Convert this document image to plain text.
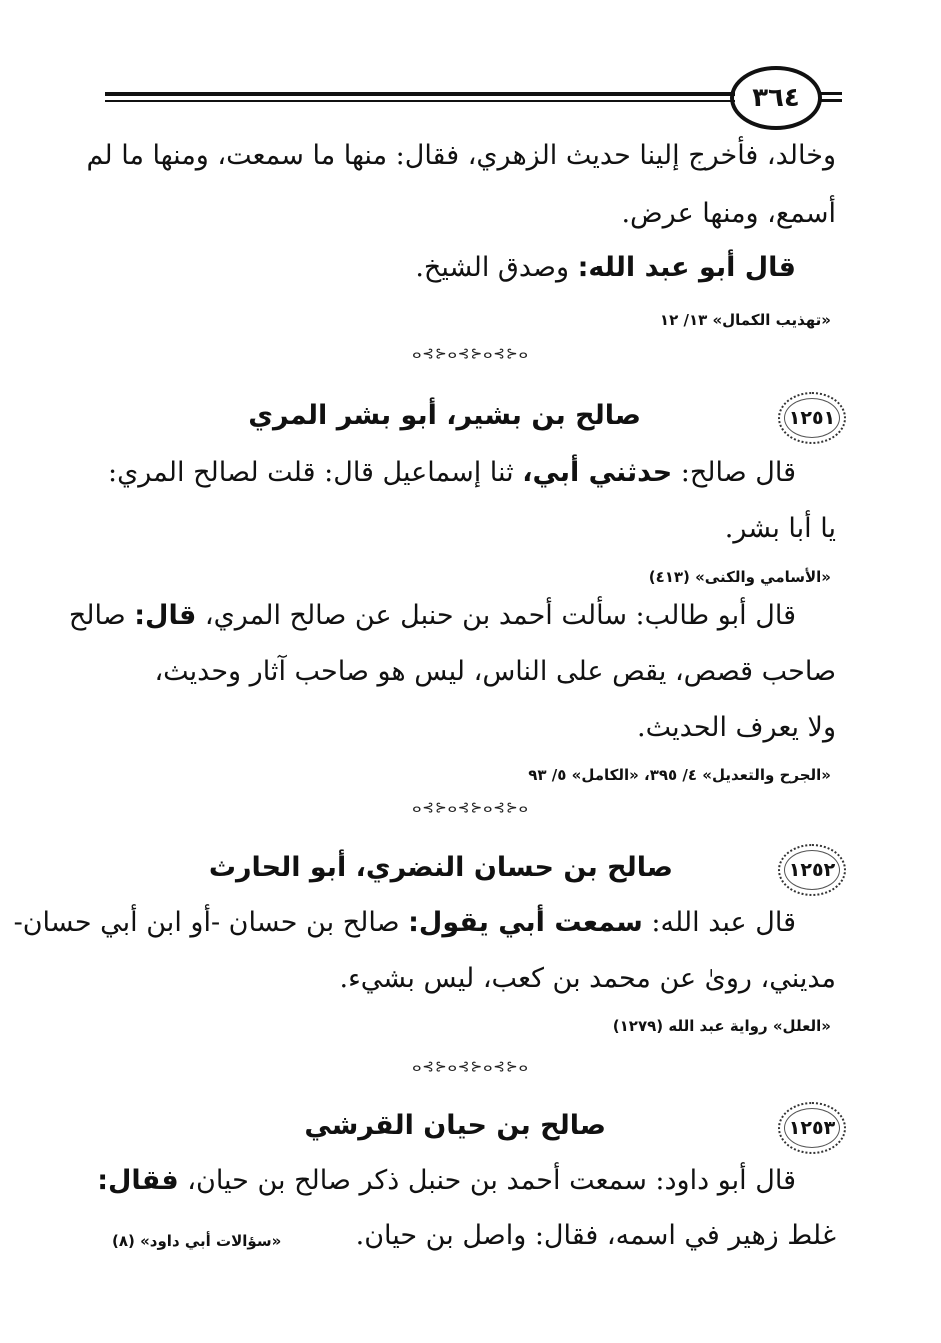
٣٦٤
وخالد، فأخرج إلينا حديث الزهري، فقال: منها ما سمعت، ومنها ما لم
أسمع، ومنها عرض.
قال أبو عبد الله: وصدق الشيخ.
«تهذيب الكمال» ١٣/ ١٢
ⴰ⊰⊱ⴰ⊰⊱ⴰ⊰⊱ⴰ
١٢٥١
صالح بن بشير، أبو بشر المري
قال صالح: حدثني أبي، ثنا إسماعيل قال: قلت لصالح المري:
يا أبا بشر.
«الأسامي والكنى» (٤١٣)
قال أبو طالب: سألت أحمد بن حنبل عن صالح المري، قال: صالح
صاحب قصص، يقص على الناس، ليس هو صاحب آثار وحديث،
ولا يعرف الحديث.
«الجرح والتعديل» ٤/ ٣٩٥، «الكامل» ٥/ ٩٣
ⴰ⊰⊱ⴰ⊰⊱ⴰ⊰⊱ⴰ
١٢٥٢
صالح بن حسان النضري، أبو الحارث
قال عبد الله: سمعت أبي يقول: صالح بن حسان -أو ابن أبي حسان-
مديني، روىٰ عن محمد بن كعب، ليس بشيء.
«العلل» رواية عبد الله (١٢٧٩)
ⴰ⊰⊱ⴰ⊰⊱ⴰ⊰⊱ⴰ
١٢٥٣
صالح بن حيان القرشي
قال أبو داود: سمعت أحمد بن حنبل ذكر صالح بن حيان، فقال:
غلط زهير في اسمه، فقال: واصل بن حيان.
«سؤالات أبي داود» (٨)
